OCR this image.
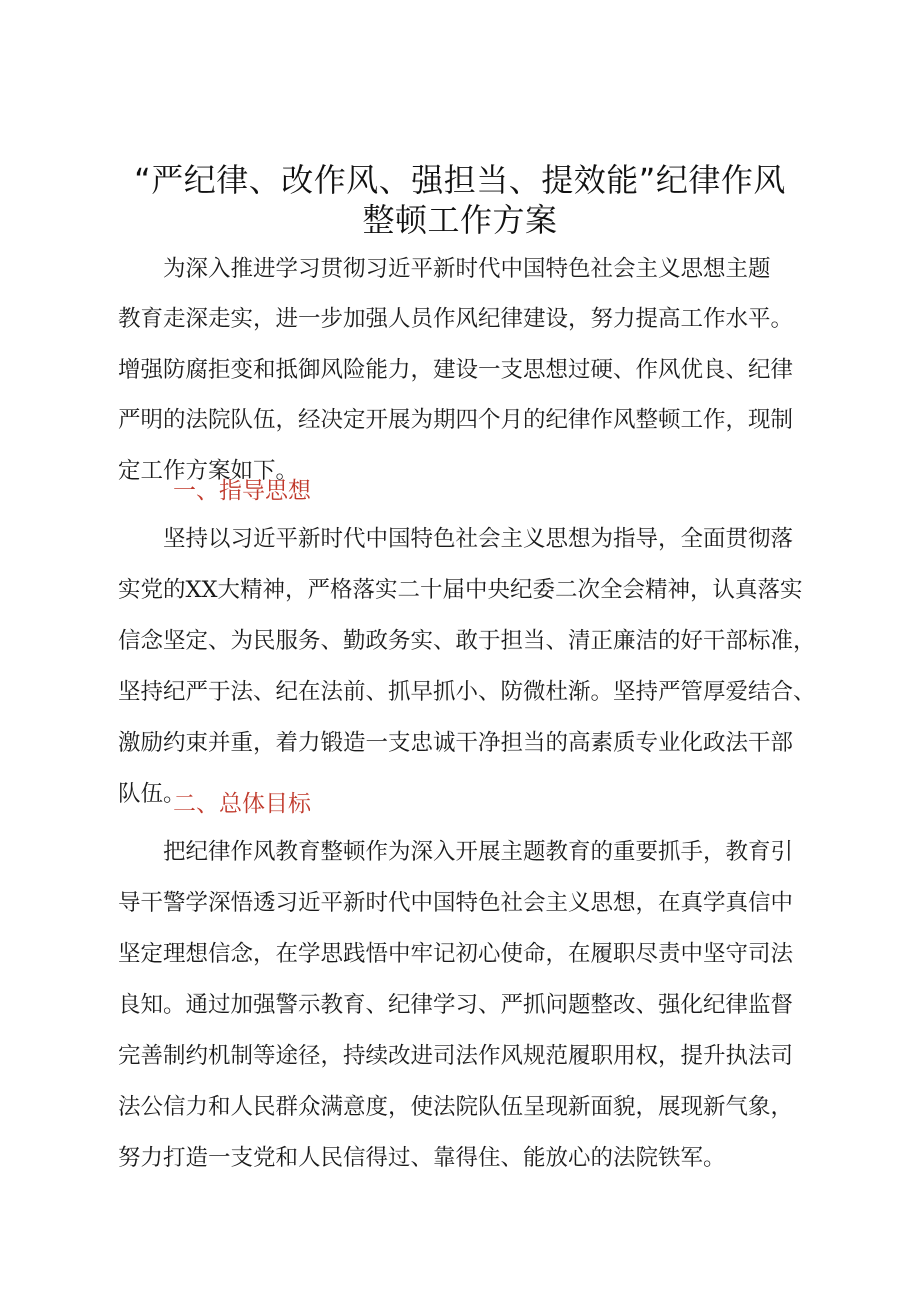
“严纪律、改作风、强担当、提效能”纪律作风
整顿工作方案
　　为深入推进学习贯彻习近平新时代中国特色社会主义思想主题
教育走深走实，进一步加强人员作风纪律建设，努力提高工作水平。
增强防腐拒变和抵御风险能力，建设一支思想过硬、作风优良、纪律
严明的法院队伍，经决定开展为期四个月的纪律作风整顿工作，现制
定工作方案如下。
一、指导思想
　　坚持以习近平新时代中国特色社会主义思想为指导，全面贯彻落
实党的XX大精神，严格落实二十届中央纪委二次全会精神，认真落实
信念坚定、为民服务、勤政务实、敢于担当、清正廉洁的好干部标准，
坚持纪严于法、纪在法前、抓早抓小、防微杜渐。坚持严管厚爱结合、
激励约束并重，着力锻造一支忠诚干净担当的高素质专业化政法干部
队伍。
二、总体目标
　　把纪律作风教育整顿作为深入开展主题教育的重要抓手，教育引
导干警学深悟透习近平新时代中国特色社会主义思想，在真学真信中
坚定理想信念，在学思践悟中牢记初心使命，在履职尽责中坚守司法
良知。通过加强警示教育、纪律学习、严抓问题整改、强化纪律监督
完善制约机制等途径，持续改进司法作风规范履职用权，提升执法司
法公信力和人民群众满意度，使法院队伍呈现新面貌，展现新气象，
努力打造一支党和人民信得过、靠得住、能放心的法院铁军。
